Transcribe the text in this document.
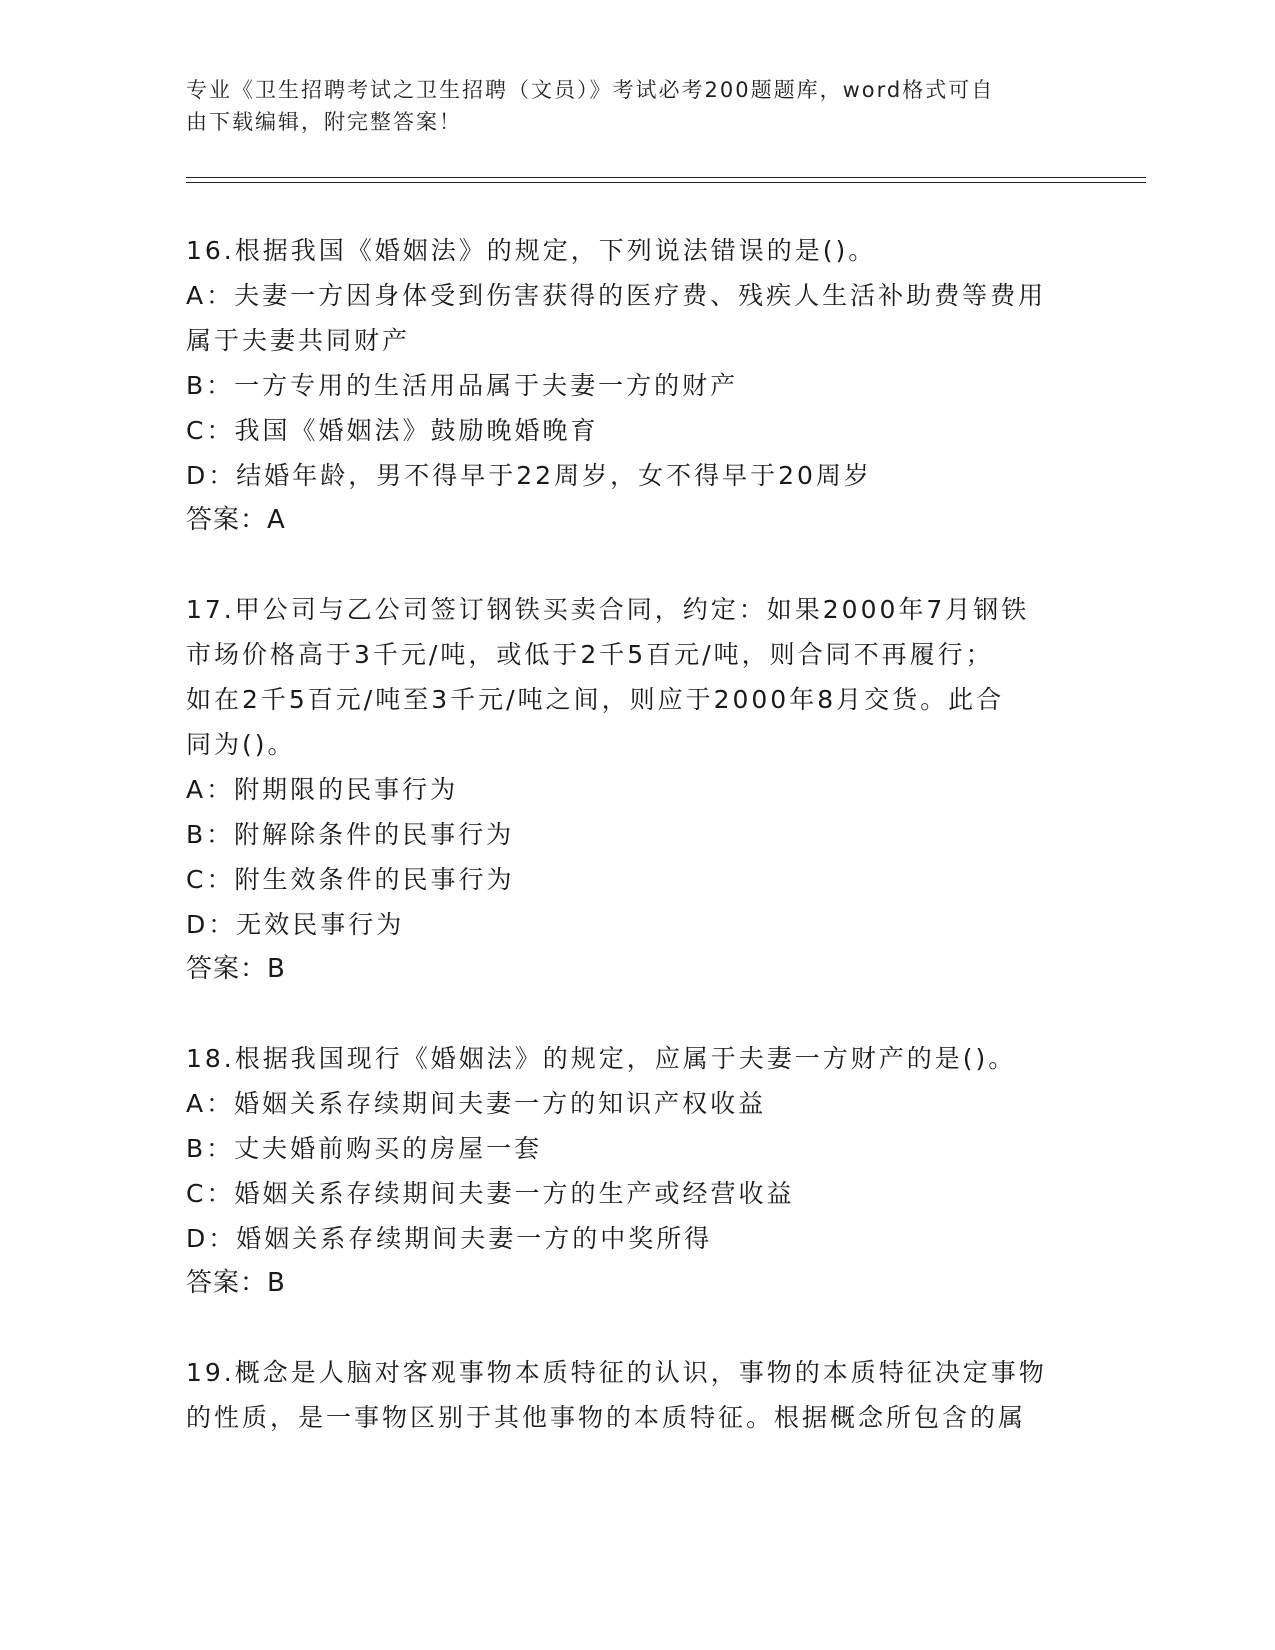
专业《卫生招聘考试之卫生招聘（文员）》考试必考200题题库，word格式可自
由下载编辑，附完整答案！
16.根据我国《婚姻法》的规定，下列说法错误的是()。
A：夫妻一方因身体受到伤害获得的医疗费、残疾人生活补助费等费用
属于夫妻共同财产
B：一方专用的生活用品属于夫妻一方的财产
C：我国《婚姻法》鼓励晚婚晚育
D：结婚年龄，男不得早于22周岁，女不得早于20周岁
答案：A
17.甲公司与乙公司签订钢铁买卖合同，约定：如果2000年7月钢铁
市场价格高于3千元/吨，或低于2千5百元/吨，则合同不再履行；
如在2千5百元/吨至3千元/吨之间，则应于2000年8月交货。此合
同为()。
A：附期限的民事行为
B：附解除条件的民事行为
C：附生效条件的民事行为
D：无效民事行为
答案：B
18.根据我国现行《婚姻法》的规定，应属于夫妻一方财产的是()。
A：婚姻关系存续期间夫妻一方的知识产权收益
B：丈夫婚前购买的房屋一套
C：婚姻关系存续期间夫妻一方的生产或经营收益
D：婚姻关系存续期间夫妻一方的中奖所得
答案：B
19.概念是人脑对客观事物本质特征的认识，事物的本质特征决定事物
的性质，是一事物区别于其他事物的本质特征。根据概念所包含的属
